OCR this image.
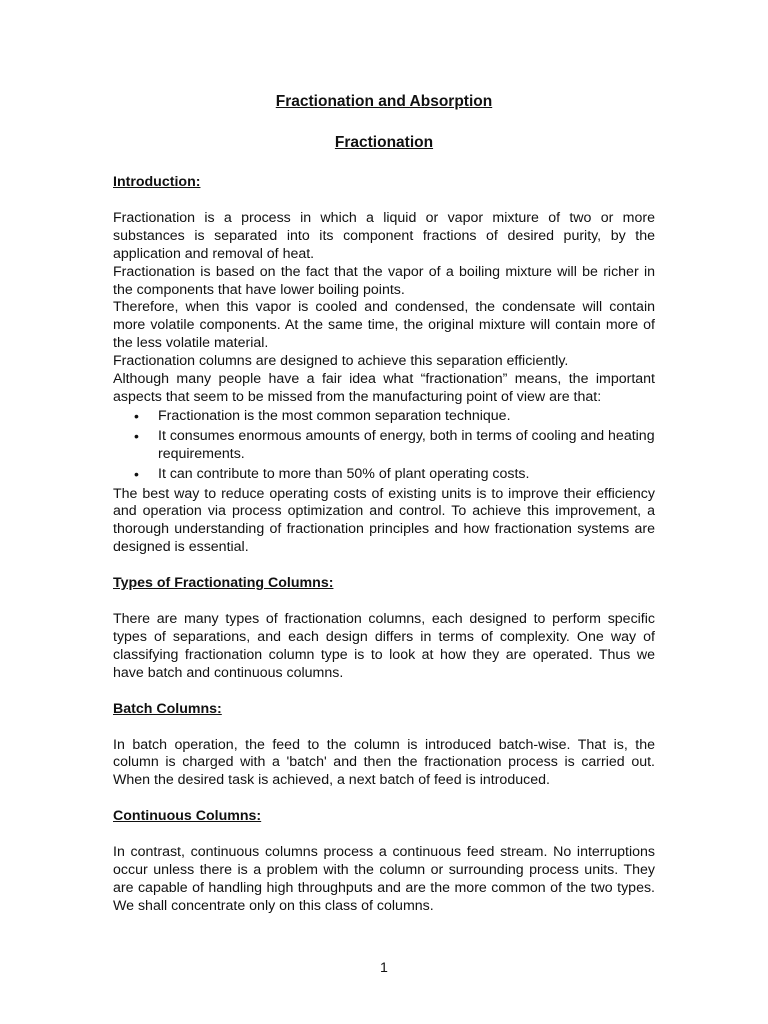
Fractionation and Absorption
Fractionation
Introduction:

Fractionation is a process in which a liquid or vapor mixture of two or more substances is separated into its component fractions of desired purity, by the application and removal of heat.

Fractionation is based on the fact that the vapor of a boiling mixture will be richer in the components that have lower boiling points.

Therefore, when this vapor is cooled and condensed, the condensate will contain more volatile components. At the same time, the original mixture will contain more of the less volatile material.

Fractionation columns are designed to achieve this separation efficiently.

Although many people have a fair idea what “fractionation” means, the important aspects that seem to be missed from the manufacturing point of view are that:

• Fractionation is the most common separation technique.
• It consumes enormous amounts of energy, both in terms of cooling and heating requirements.
• It can contribute to more than 50% of plant operating costs.

The best way to reduce operating costs of existing units is to improve their efficiency and operation via process optimization and control. To achieve this improvement, a thorough understanding of fractionation principles and how fractionation systems are designed is essential.

Types of Fractionating Columns:

There are many types of fractionation columns, each designed to perform specific types of separations, and each design differs in terms of complexity. One way of classifying fractionation column type is to look at how they are operated. Thus we have batch and continuous columns.

Batch Columns:

In batch operation, the feed to the column is introduced batch-wise. That is, the column is charged with a 'batch' and then the fractionation process is carried out. When the desired task is achieved, a next batch of feed is introduced.

Continuous Columns:

In contrast, continuous columns process a continuous feed stream. No interruptions occur unless there is a problem with the column or surrounding process units. They are capable of handling high throughputs and are the more common of the two types. We shall concentrate only on this class of columns.

1
